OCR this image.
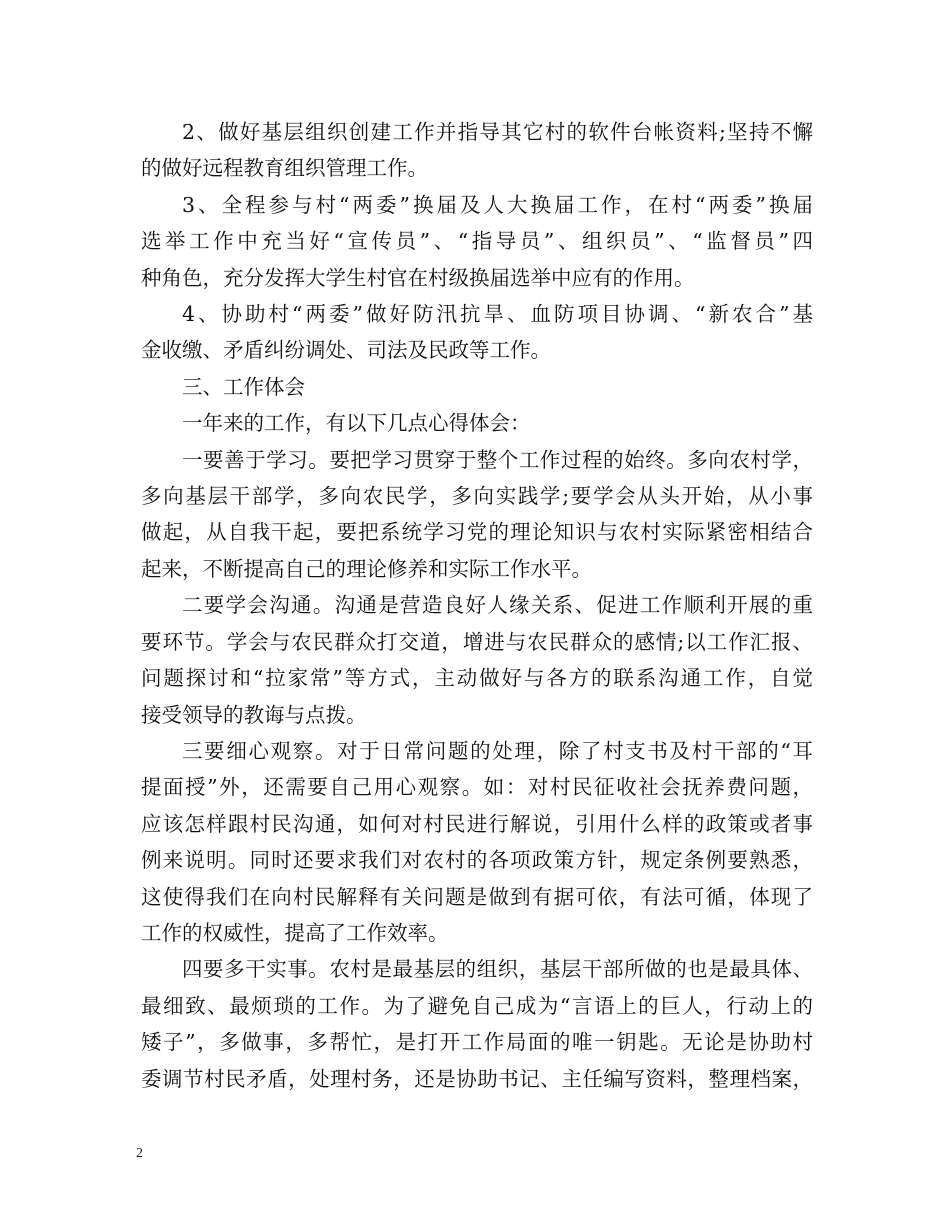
2、做好基层组织创建工作并指导其它村的软件台帐资料;坚持不懈
的做好远程教育组织管理工作。

3、全程参与村“两委”换届及人大换届工作，在村“两委”换届
选举工作中充当好“宣传员”、“指导员”、组织员”、“监督员”四
种角色，充分发挥大学生村官在村级换届选举中应有的作用。

4、协助村“两委”做好防汛抗旱、血防项目协调、“新农合”基
金收缴、矛盾纠纷调处、司法及民政等工作。

三、工作体会

一年来的工作，有以下几点心得体会：

一要善于学习。要把学习贯穿于整个工作过程的始终。多向农村学，
多向基层干部学，多向农民学，多向实践学;要学会从头开始，从小事
做起，从自我干起，要把系统学习党的理论知识与农村实际紧密相结合
起来，不断提高自己的理论修养和实际工作水平。

二要学会沟通。沟通是营造良好人缘关系、促进工作顺利开展的重
要环节。学会与农民群众打交道，增进与农民群众的感情;以工作汇报、
问题探讨和“拉家常”等方式，主动做好与各方的联系沟通工作，自觉
接受领导的教诲与点拨。

三要细心观察。对于日常问题的处理，除了村支书及村干部的“耳
提面授”外，还需要自己用心观察。如：对村民征收社会抚养费问题，
应该怎样跟村民沟通，如何对村民进行解说，引用什么样的政策或者事
例来说明。同时还要求我们对农村的各项政策方针，规定条例要熟悉，
这使得我们在向村民解释有关问题是做到有据可依，有法可循，体现了
工作的权威性，提高了工作效率。

四要多干实事。农村是最基层的组织，基层干部所做的也是最具体、
最细致、最烦琐的工作。为了避免自己成为“言语上的巨人，行动上的
矮子”，多做事，多帮忙，是打开工作局面的唯一钥匙。无论是协助村
委调节村民矛盾，处理村务，还是协助书记、主任编写资料，整理档案，

2
